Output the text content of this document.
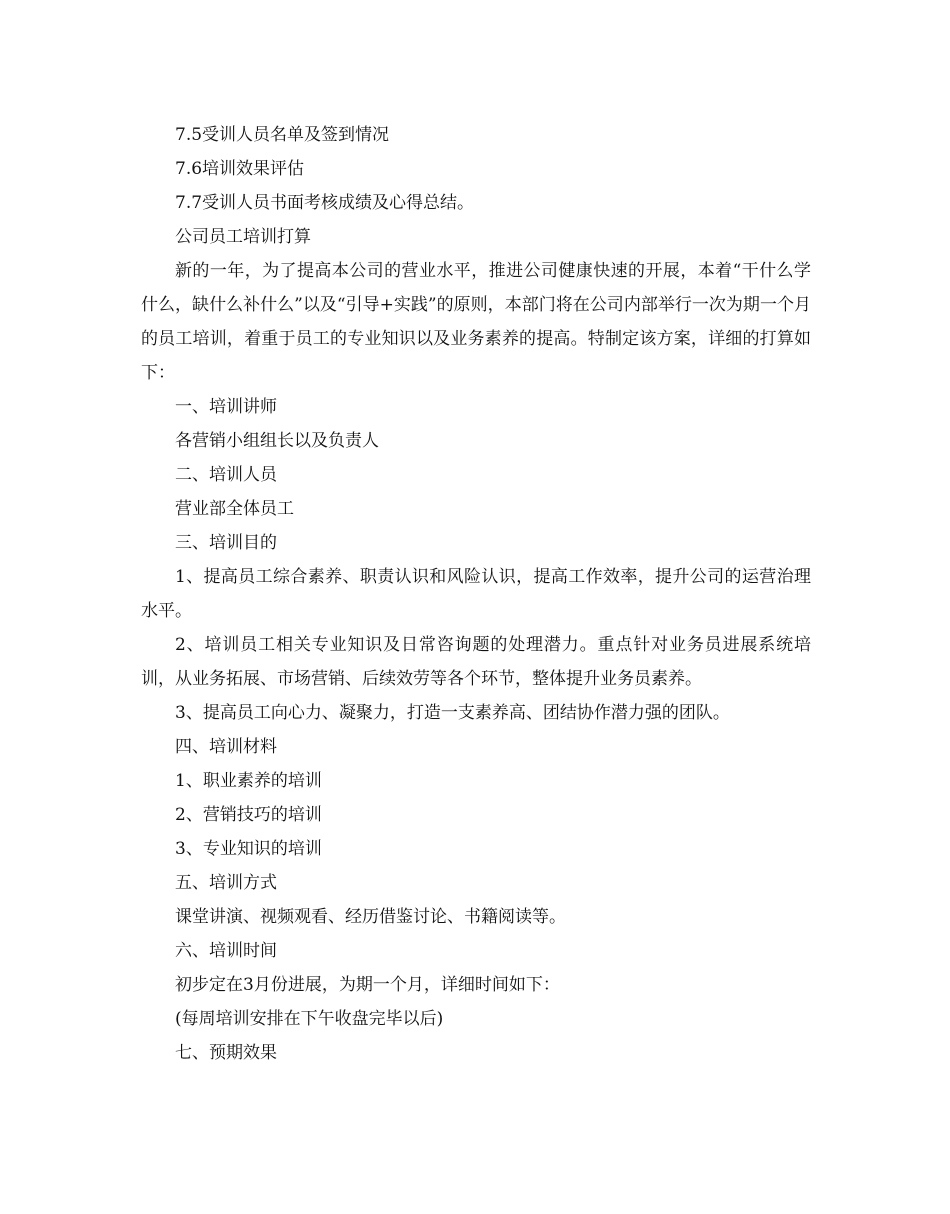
7.5受训人员名单及签到情况

7.6培训效果评估

7.7受训人员书面考核成绩及心得总结。

公司员工培训打算

新的一年，为了提高本公司的营业水平，推进公司健康快速的开展，本着“干什么学什么，缺什么补什么”以及“引导+实践”的原则，本部门将在公司内部举行一次为期一个月的员工培训，着重于员工的专业知识以及业务素养的提高。特制定该方案，详细的打算如下：

一、培训讲师

各营销小组组长以及负责人

二、培训人员

营业部全体员工

三、培训目的

1、提高员工综合素养、职责认识和风险认识，提高工作效率，提升公司的运营治理水平。

2、培训员工相关专业知识及日常咨询题的处理潜力。重点针对业务员进展系统培训，从业务拓展、市场营销、后续效劳等各个环节，整体提升业务员素养。

3、提高员工向心力、凝聚力，打造一支素养高、团结协作潜力强的团队。

四、培训材料

1、职业素养的培训

2、营销技巧的培训

3、专业知识的培训

五、培训方式

课堂讲演、视频观看、经历借鉴讨论、书籍阅读等。

六、培训时间

初步定在3月份进展，为期一个月，详细时间如下：

(每周培训安排在下午收盘完毕以后)

七、预期效果
